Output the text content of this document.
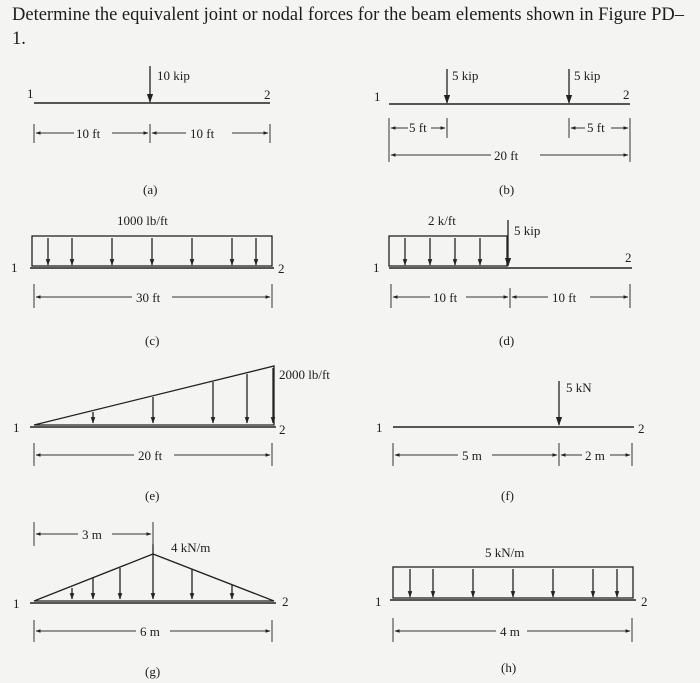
Determine the equivalent joint or nodal forces for the beam elements shown in Figure PD–1.

1	2
10 kip
10 ft	10 ft
(a)
1	2
5 kip	5 kip
5 ft	5 ft
20 ft
(b)
1000 lb/ft
1	2
30 ft
(c)
2 k/ft
5 kip
1
2
10 ft	10 ft
(d)
2000 lb/ft
1	2
20 ft
(e)
5 kN
1	2
5 m	2 m
(f)
4 kN/m
1	2
3 m
6 m
(g)
5 kN/m
1	2
4 m
(h)
